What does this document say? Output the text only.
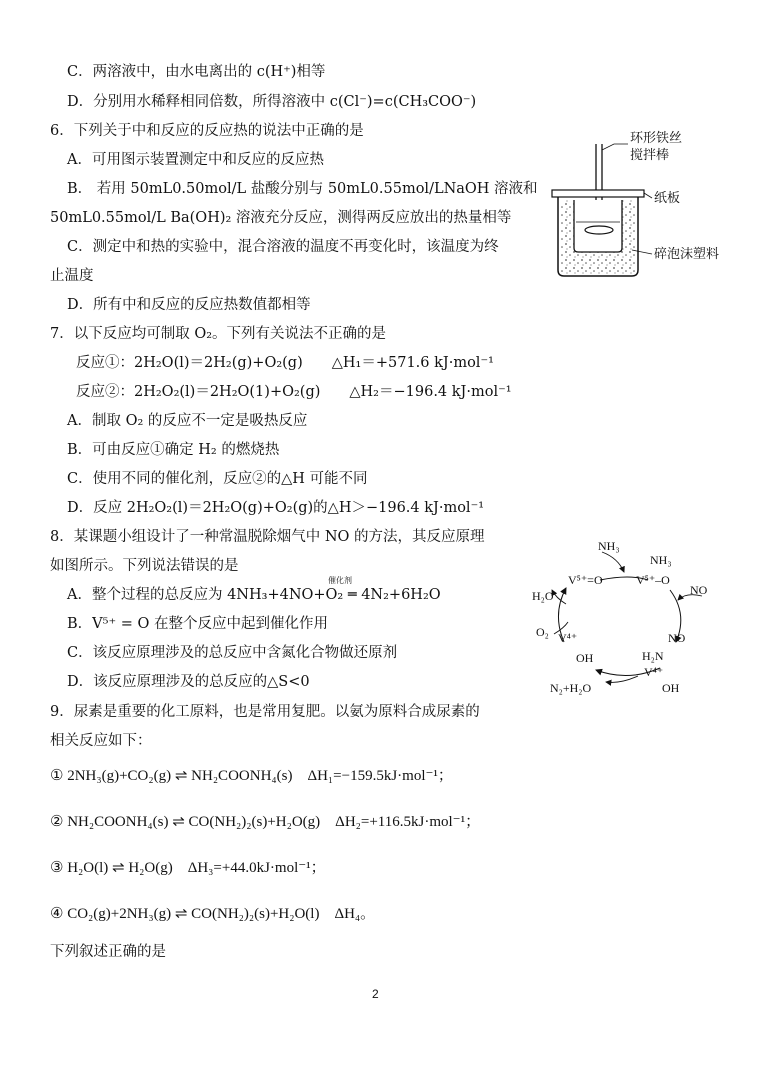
C．两溶液中，由水电离出的 c(H⁺)相等
D．分别用水稀释相同倍数，所得溶液中 c(Cl⁻)=c(CH₃COO⁻)
6．下列关于中和反应的反应热的说法中正确的是
A．可用图示装置测定中和反应的反应热
B． 若用 50mL0.50mol/L 盐酸分别与 50mL0.55mol/LNaOH 溶液和
50mL0.55mol/L Ba(OH)₂ 溶液充分反应，测得两反应放出的热量相等
C．测定中和热的实验中，混合溶液的温度不再变化时，该温度为终
止温度
D．所有中和反应的反应热数值都相等
7．以下反应均可制取 O₂。下列有关说法不正确的是
反应①：2H₂O(l)＝2H₂(g)+O₂(g)　　△H₁＝+571.6 kJ·mol⁻¹
反应②：2H₂O₂(l)＝2H₂O(1)+O₂(g)　　△H₂＝−196.4 kJ·mol⁻¹
A．制取 O₂ 的反应不一定是吸热反应
B．可由反应①确定 H₂ 的燃烧热
C．使用不同的催化剂，反应②的△H 可能不同
D．反应 2H₂O₂(l)＝2H₂O(g)+O₂(g)的△H＞−196.4 kJ·mol⁻¹
8．某课题小组设计了一种常温脱除烟气中 NO 的方法，其反应原理
如图所示。下列说法错误的是
A．整个过程的总反应为 4NH₃+4NO+O₂ ═ 4N₂+6H₂O
催化剂
B．V⁵⁺ = O 在整个反应中起到催化作用
C．该反应原理涉及的总反应中含氮化合物做还原剂
D．该反应原理涉及的总反应的△S<0
9．尿素是重要的化工原料，也是常用复肥。以氨为原料合成尿素的
相关反应如下：
① 2NH₃(g)+CO₂(g) ⇌ NH₂COONH₄(s)　ΔH₁=−159.5kJ·mol⁻¹；
② NH₂COONH₄(s) ⇌ CO(NH₂)₂(s)+H₂O(g)　ΔH₂=+116.5kJ·mol⁻¹；
③ H₂O(l) ⇌ H₂O(g)　ΔH₃=+44.0kJ·mol⁻¹；
④ CO₂(g)+2NH₃(g) ⇌ CO(NH₂)₂(s)+H₂O(l)　ΔH₄。
下列叙述正确的是
环形铁丝
搅拌棒
纸板
碎泡沫塑料
NH₃
V⁵⁺=O
NH₃
V⁵⁺–O
H₂O	NO
O₂ V⁴⁺
OH
NO
H₂N
V⁴⁺
OH
N₂+H₂O
2
